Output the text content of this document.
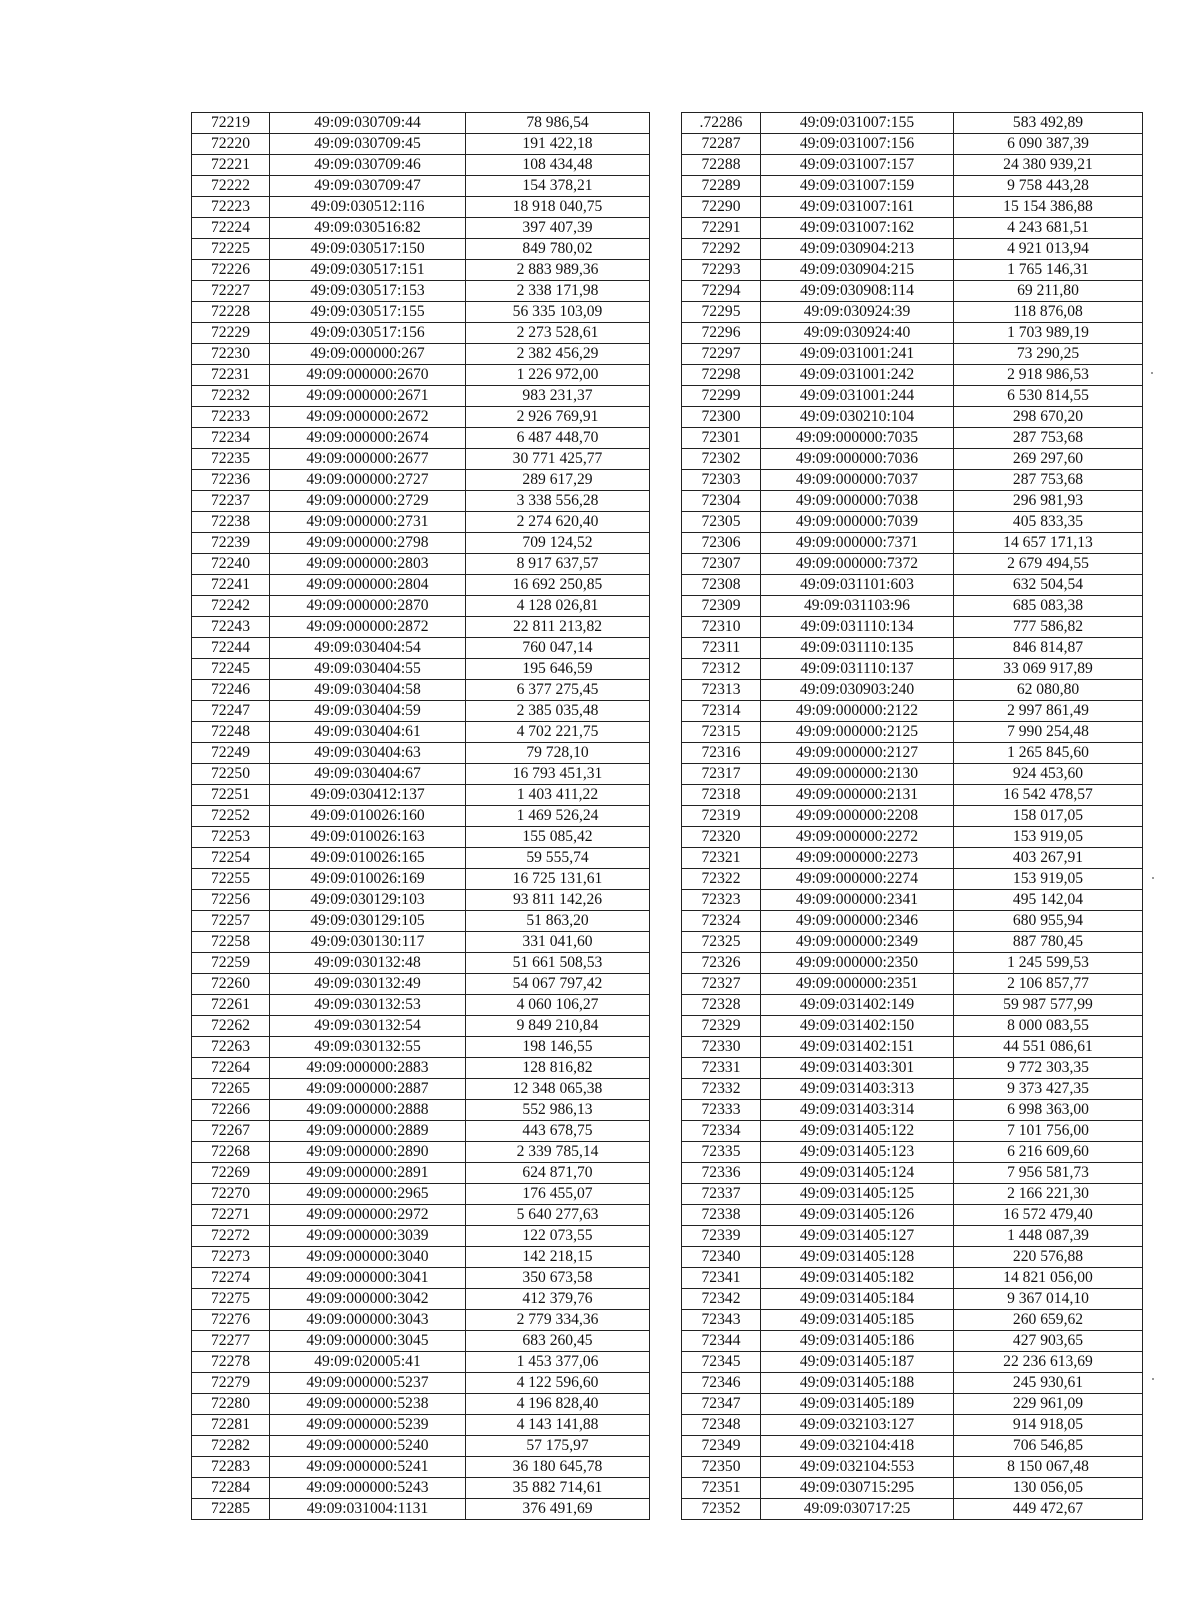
72219	49:09:030709:44	78 986,54
72220	49:09:030709:45	191 422,18
72221	49:09:030709:46	108 434,48
72222	49:09:030709:47	154 378,21
72223	49:09:030512:116	18 918 040,75
72224	49:09:030516:82	397 407,39
72225	49:09:030517:150	849 780,02
72226	49:09:030517:151	2 883 989,36
72227	49:09:030517:153	2 338 171,98
72228	49:09:030517:155	56 335 103,09
72229	49:09:030517:156	2 273 528,61
72230	49:09:000000:267	2 382 456,29
72231	49:09:000000:2670	1 226 972,00
72232	49:09:000000:2671	983 231,37
72233	49:09:000000:2672	2 926 769,91
72234	49:09:000000:2674	6 487 448,70
72235	49:09:000000:2677	30 771 425,77
72236	49:09:000000:2727	289 617,29
72237	49:09:000000:2729	3 338 556,28
72238	49:09:000000:2731	2 274 620,40
72239	49:09:000000:2798	709 124,52
72240	49:09:000000:2803	8 917 637,57
72241	49:09:000000:2804	16 692 250,85
72242	49:09:000000:2870	4 128 026,81
72243	49:09:000000:2872	22 811 213,82
72244	49:09:030404:54	760 047,14
72245	49:09:030404:55	195 646,59
72246	49:09:030404:58	6 377 275,45
72247	49:09:030404:59	2 385 035,48
72248	49:09:030404:61	4 702 221,75
72249	49:09:030404:63	79 728,10
72250	49:09:030404:67	16 793 451,31
72251	49:09:030412:137	1 403 411,22
72252	49:09:010026:160	1 469 526,24
72253	49:09:010026:163	155 085,42
72254	49:09:010026:165	59 555,74
72255	49:09:010026:169	16 725 131,61
72256	49:09:030129:103	93 811 142,26
72257	49:09:030129:105	51 863,20
72258	49:09:030130:117	331 041,60
72259	49:09:030132:48	51 661 508,53
72260	49:09:030132:49	54 067 797,42
72261	49:09:030132:53	4 060 106,27
72262	49:09:030132:54	9 849 210,84
72263	49:09:030132:55	198 146,55
72264	49:09:000000:2883	128 816,82
72265	49:09:000000:2887	12 348 065,38
72266	49:09:000000:2888	552 986,13
72267	49:09:000000:2889	443 678,75
72268	49:09:000000:2890	2 339 785,14
72269	49:09:000000:2891	624 871,70
72270	49:09:000000:2965	176 455,07
72271	49:09:000000:2972	5 640 277,63
72272	49:09:000000:3039	122 073,55
72273	49:09:000000:3040	142 218,15
72274	49:09:000000:3041	350 673,58
72275	49:09:000000:3042	412 379,76
72276	49:09:000000:3043	2 779 334,36
72277	49:09:000000:3045	683 260,45
72278	49:09:020005:41	1 453 377,06
72279	49:09:000000:5237	4 122 596,60
72280	49:09:000000:5238	4 196 828,40
72281	49:09:000000:5239	4 143 141,88
72282	49:09:000000:5240	57 175,97
72283	49:09:000000:5241	36 180 645,78
72284	49:09:000000:5243	35 882 714,61
72285	49:09:031004:1131	376 491,69
.72286	49:09:031007:155	583 492,89
72287	49:09:031007:156	6 090 387,39
72288	49:09:031007:157	24 380 939,21
72289	49:09:031007:159	9 758 443,28
72290	49:09:031007:161	15 154 386,88
72291	49:09:031007:162	4 243 681,51
72292	49:09:030904:213	4 921 013,94
72293	49:09:030904:215	1 765 146,31
72294	49:09:030908:114	69 211,80
72295	49:09:030924:39	118 876,08
72296	49:09:030924:40	1 703 989,19
72297	49:09:031001:241	73 290,25
72298	49:09:031001:242	2 918 986,53
72299	49:09:031001:244	6 530 814,55
72300	49:09:030210:104	298 670,20
72301	49:09:000000:7035	287 753,68
72302	49:09:000000:7036	269 297,60
72303	49:09:000000:7037	287 753,68
72304	49:09:000000:7038	296 981,93
72305	49:09:000000:7039	405 833,35
72306	49:09:000000:7371	14 657 171,13
72307	49:09:000000:7372	2 679 494,55
72308	49:09:031101:603	632 504,54
72309	49:09:031103:96	685 083,38
72310	49:09:031110:134	777 586,82
72311	49:09:031110:135	846 814,87
72312	49:09:031110:137	33 069 917,89
72313	49:09:030903:240	62 080,80
72314	49:09:000000:2122	2 997 861,49
72315	49:09:000000:2125	7 990 254,48
72316	49:09:000000:2127	1 265 845,60
72317	49:09:000000:2130	924 453,60
72318	49:09:000000:2131	16 542 478,57
72319	49:09:000000:2208	158 017,05
72320	49:09:000000:2272	153 919,05
72321	49:09:000000:2273	403 267,91
72322	49:09:000000:2274	153 919,05
72323	49:09:000000:2341	495 142,04
72324	49:09:000000:2346	680 955,94
72325	49:09:000000:2349	887 780,45
72326	49:09:000000:2350	1 245 599,53
72327	49:09:000000:2351	2 106 857,77
72328	49:09:031402:149	59 987 577,99
72329	49:09:031402:150	8 000 083,55
72330	49:09:031402:151	44 551 086,61
72331	49:09:031403:301	9 772 303,35
72332	49:09:031403:313	9 373 427,35
72333	49:09:031403:314	6 998 363,00
72334	49:09:031405:122	7 101 756,00
72335	49:09:031405:123	6 216 609,60
72336	49:09:031405:124	7 956 581,73
72337	49:09:031405:125	2 166 221,30
72338	49:09:031405:126	16 572 479,40
72339	49:09:031405:127	1 448 087,39
72340	49:09:031405:128	220 576,88
72341	49:09:031405:182	14 821 056,00
72342	49:09:031405:184	9 367 014,10
72343	49:09:031405:185	260 659,62
72344	49:09:031405:186	427 903,65
72345	49:09:031405:187	22 236 613,69
72346	49:09:031405:188	245 930,61
72347	49:09:031405:189	229 961,09
72348	49:09:032103:127	914 918,05
72349	49:09:032104:418	706 546,85
72350	49:09:032104:553	8 150 067,48
72351	49:09:030715:295	130 056,05
72352	49:09:030717:25	449 472,67
